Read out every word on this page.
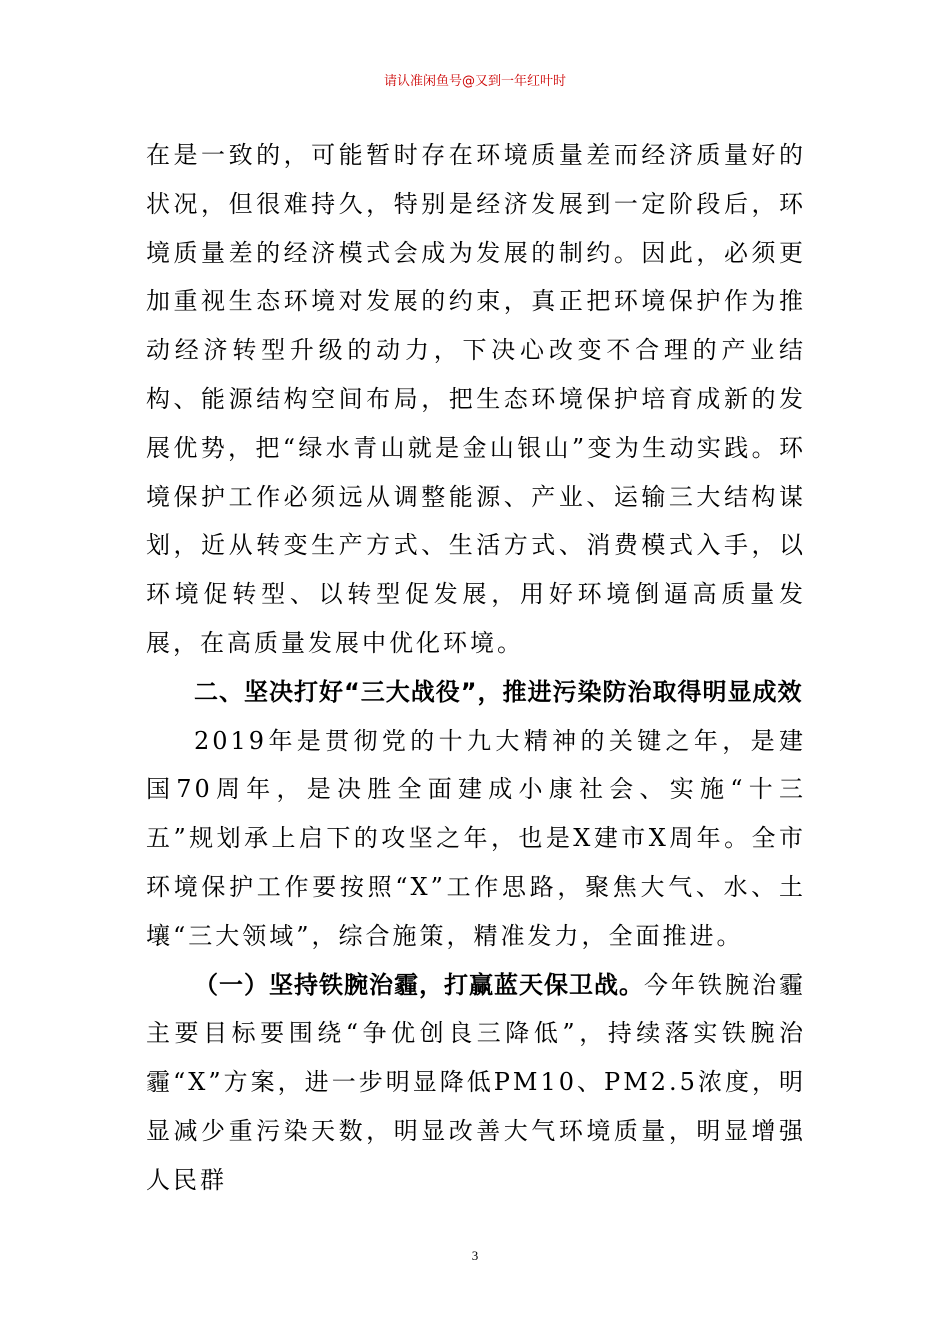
请认准闲鱼号@又到一年红叶时

在是一致的，可能暂时存在环境质量差而经济质量好的状况，但很难持久，特别是经济发展到一定阶段后，环境质量差的经济模式会成为发展的制约。因此，必须更加重视生态环境对发展的约束，真正把环境保护作为推动经济转型升级的动力，下决心改变不合理的产业结构、能源结构空间布局，把生态环境保护培育成新的发展优势，把“绿水青山就是金山银山”变为生动实践。环境保护工作必须远从调整能源、产业、运输三大结构谋划，近从转变生产方式、生活方式、消费模式入手，以环境促转型、以转型促发展，用好环境倒逼高质量发展，在高质量发展中优化环境。

二、坚决打好“三大战役”，推进污染防治取得明显成效

2019年是贯彻党的十九大精神的关键之年，是建国70周年，是决胜全面建成小康社会、实施“十三五”规划承上启下的攻坚之年，也是X建市X周年。全市环境保护工作要按照“X”工作思路，聚焦大气、水、土壤“三大领域”，综合施策，精准发力，全面推进。

（一）坚持铁腕治霾，打赢蓝天保卫战。今年铁腕治霾主要目标要围绕“争优创良三降低”，持续落实铁腕治霾“X”方案，进一步明显降低PM10、PM2.5浓度，明显减少重污染天数，明显改善大气环境质量，明显增强人民群

3
